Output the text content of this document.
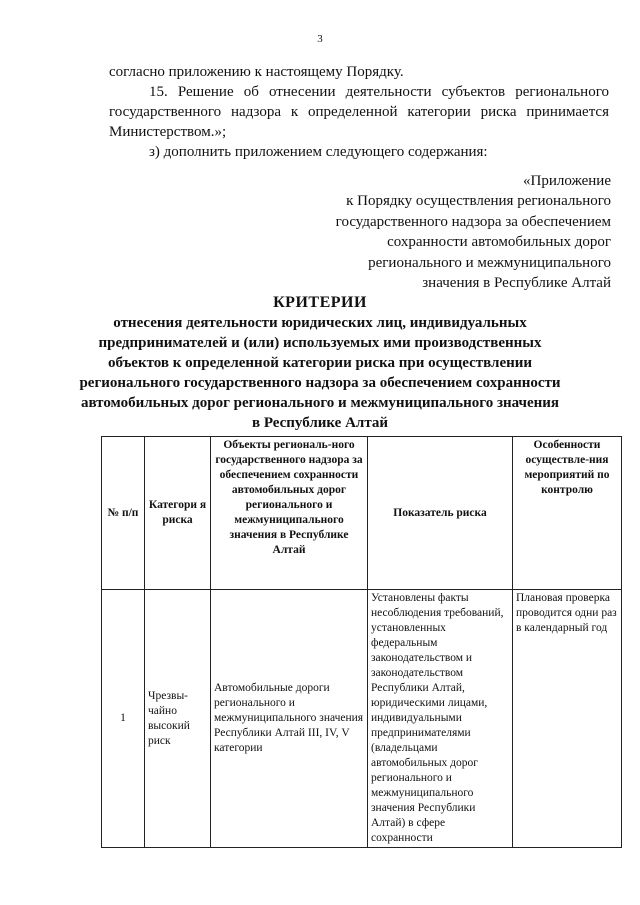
3
согласно приложению к настоящему Порядку.
15. Решение об отнесении деятельности субъектов регионального
государственного надзора к определенной категории риска принимается
Министерством.»;
з) дополнить приложением следующего содержания:
«Приложение
к Порядку осуществления регионального
государственного надзора за обеспечением
сохранности автомобильных дорог
регионального и межмуниципального
значения в Республике Алтай
КРИТЕРИИ
отнесения деятельности юридических лиц, индивидуальных
предпринимателей и (или) используемых ими производственных
объектов к определенной категории риска при осуществлении
регионального государственного надзора за обеспечением сохранности
автомобильных дорог регионального и межмуниципального значения
в Республике Алтай
№ п/п	Категори я риска	Объекты региональ-ного государственного надзора за обеспечением сохранности автомобильных дорог регионального и межмуниципального значения в Республике Алтай	Показатель риска	Особенности осуществле-ния мероприятий по контролю
1	Чрезвы-чайно высокий риск	Автомобильные дороги регионального и межмуниципального значения Республики Алтай III, IV, V категории	Установлены факты несоблюдения требований, установленных федеральным законодательством и законодательством Республики Алтай, юридическими лицами, индивидуальными предпринимателями (владельцами автомобильных дорог регионального и межмуниципального значения Республики Алтай) в сфере сохранности	Плановая проверка проводится одни раз в календарный год
